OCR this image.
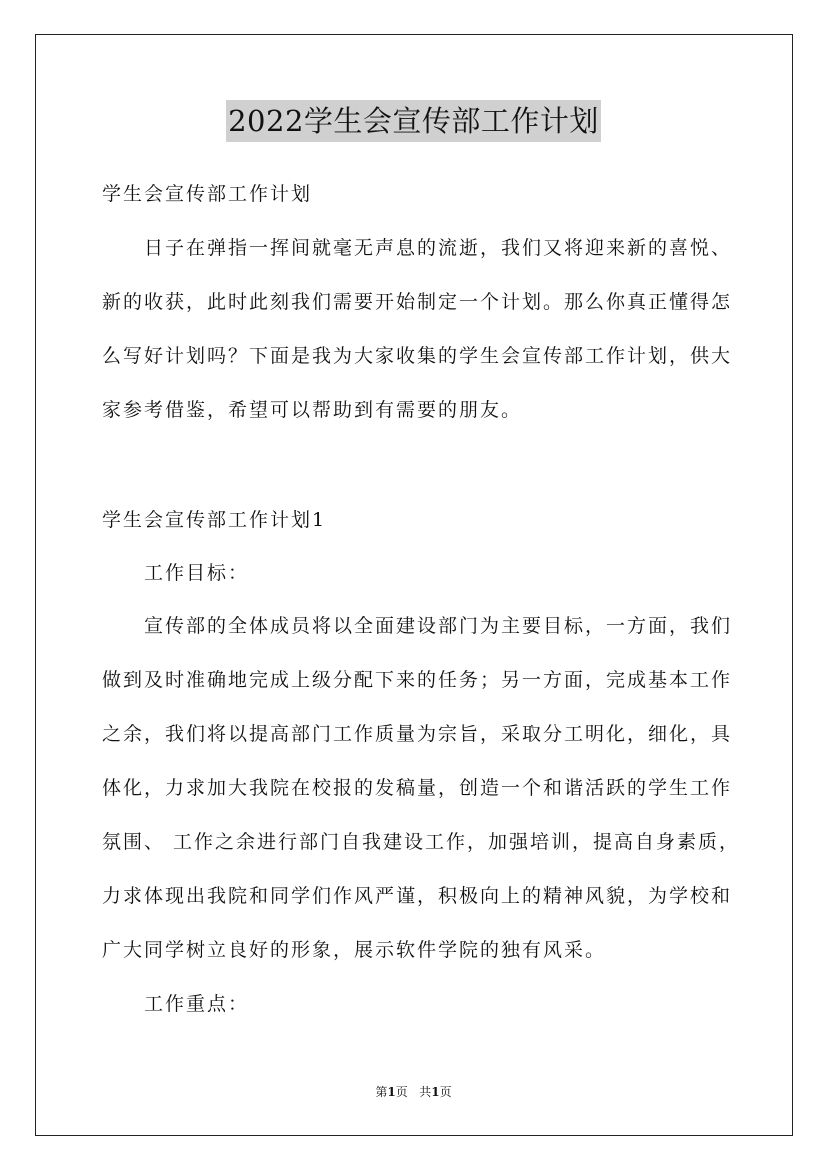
2022学生会宣传部工作计划
学生会宣传部工作计划
日子在弹指一挥间就毫无声息的流逝，我们又将迎来新的喜悦、
新的收获，此时此刻我们需要开始制定一个计划。那么你真正懂得怎
么写好计划吗？下面是我为大家收集的学生会宣传部工作计划，供大
家参考借鉴，希望可以帮助到有需要的朋友。
学生会宣传部工作计划1
工作目标：
宣传部的全体成员将以全面建设部门为主要目标，一方面，我们
做到及时准确地完成上级分配下来的任务；另一方面，完成基本工作
之余，我们将以提高部门工作质量为宗旨，采取分工明化，细化，具
体化，力求加大我院在校报的发稿量，创造一个和谐活跃的学生工作
氛围、 工作之余进行部门自我建设工作，加强培训，提高自身素质，
力求体现出我院和同学们作风严谨，积极向上的精神风貌，为学校和
广大同学树立良好的形象，展示软件学院的独有风采。
工作重点：
第1页 共1页
